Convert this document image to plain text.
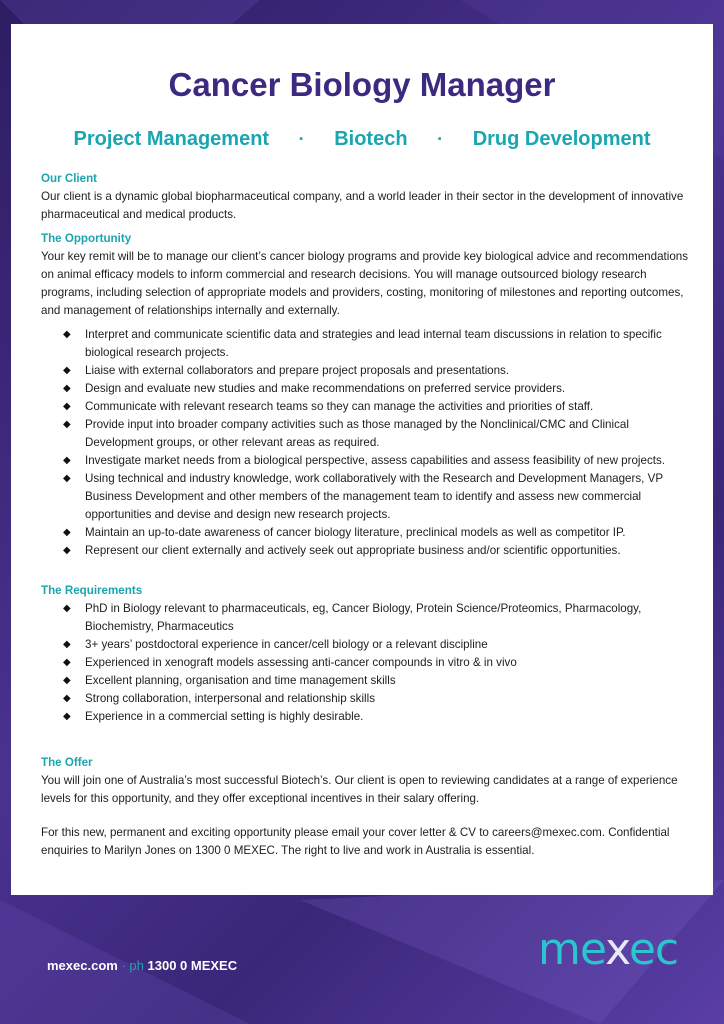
Cancer Biology Manager
Project Management · Biotech · Drug Development
Our Client

Our client is a dynamic global biopharmaceutical company, and a world leader in their sector in the development of innovative pharmaceutical and medical products.

The Opportunity

Your key remit will be to manage our client’s cancer biology programs and provide key biological advice and recommendations on animal efficacy models to inform commercial and research decisions. You will manage outsourced biology research programs, including selection of appropriate models and providers, costing, monitoring of milestones and reporting outcomes, and management of relationships internally and externally.

◆ Interpret and communicate scientific data and strategies and lead internal team discussions in relation to specific biological research projects.
◆ Liaise with external collaborators and prepare project proposals and presentations.
◆ Design and evaluate new studies and make recommendations on preferred service providers.
◆ Communicate with relevant research teams so they can manage the activities and priorities of staff.
◆ Provide input into broader company activities such as those managed by the Nonclinical/CMC and Clinical Development groups, or other relevant areas as required.
◆ Investigate market needs from a biological perspective, assess capabilities and assess feasibility of new projects.
◆ Using technical and industry knowledge, work collaboratively with the Research and Development Managers, VP Business Development and other members of the management team to identify and assess new commercial opportunities and devise and design new research projects.
◆ Maintain an up-to-date awareness of cancer biology literature, preclinical models as well as competitor IP.
◆ Represent our client externally and actively seek out appropriate business and/or scientific opportunities.
The Requirements
◆ PhD in Biology relevant to pharmaceuticals, eg, Cancer Biology, Protein Science/Proteomics, Pharmacology, Biochemistry, Pharmaceutics
◆ 3+ years’ postdoctoral experience in cancer/cell biology or a relevant discipline
◆ Experienced in xenograft models assessing anti-cancer compounds in vitro & in vivo
◆ Excellent planning, organisation and time management skills
◆ Strong collaboration, interpersonal and relationship skills
◆ Experience in a commercial setting is highly desirable.
The Offer

You will join one of Australia’s most successful Biotech’s. Our client is open to reviewing candidates at a range of experience levels for this opportunity, and they offer exceptional incentives in their salary offering.

For this new, permanent and exciting opportunity please email your cover letter & CV to careers@mexec.com. Confidential enquiries to Marilyn Jones on 1300 0 MEXEC. The right to live and work in Australia is essential.

mexec.com · ph 1300 0 MEXEC	mexec
